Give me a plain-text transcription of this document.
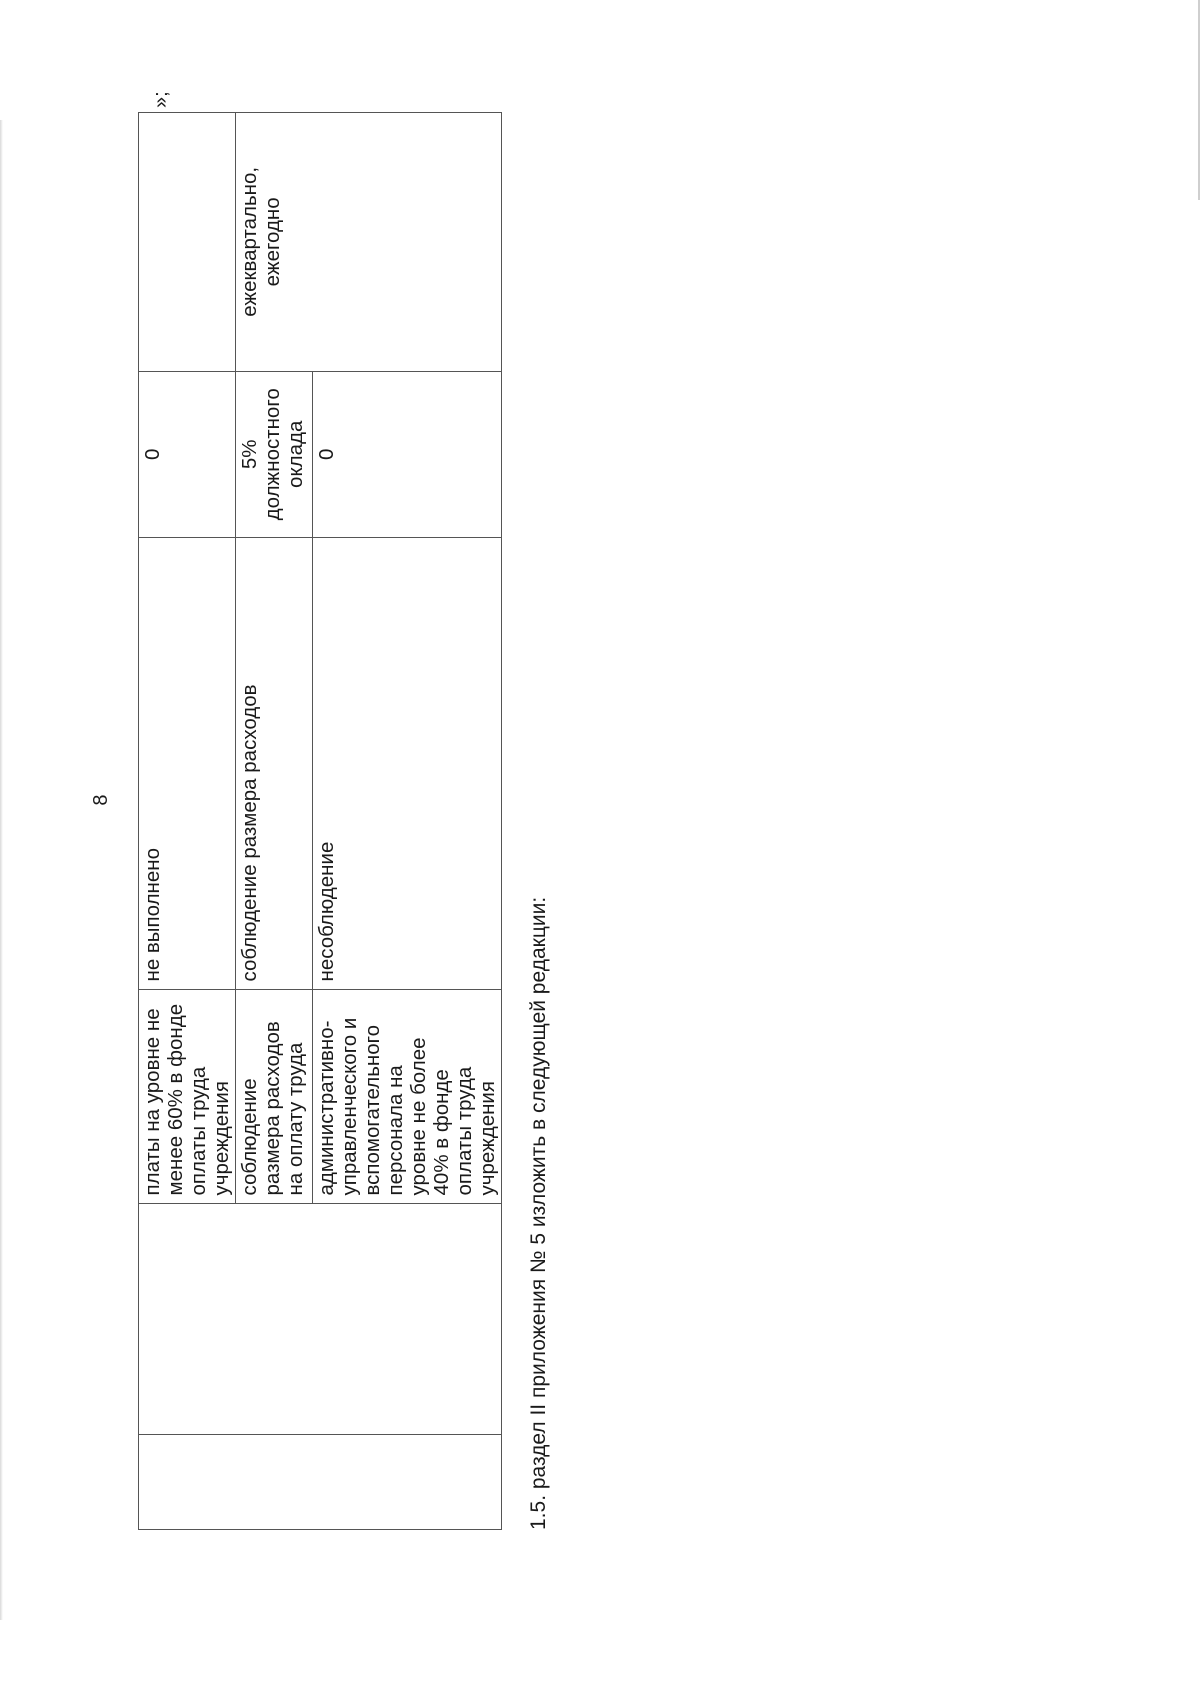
8
		платы на уровне не менее 60% в фонде оплаты труда учреждения	не выполнено	0	
		соблюдение размера расходов на оплату труда	соблюдение размера расходов	5% должностного оклада	ежеквартально, ежегодно
		административно-управленческого и вспомогательного персонала на уровне не более 40% в фонде оплаты труда учреждения	несоблюдение	0	
»;
1.5. раздел II приложения № 5 изложить в следующей редакции:
